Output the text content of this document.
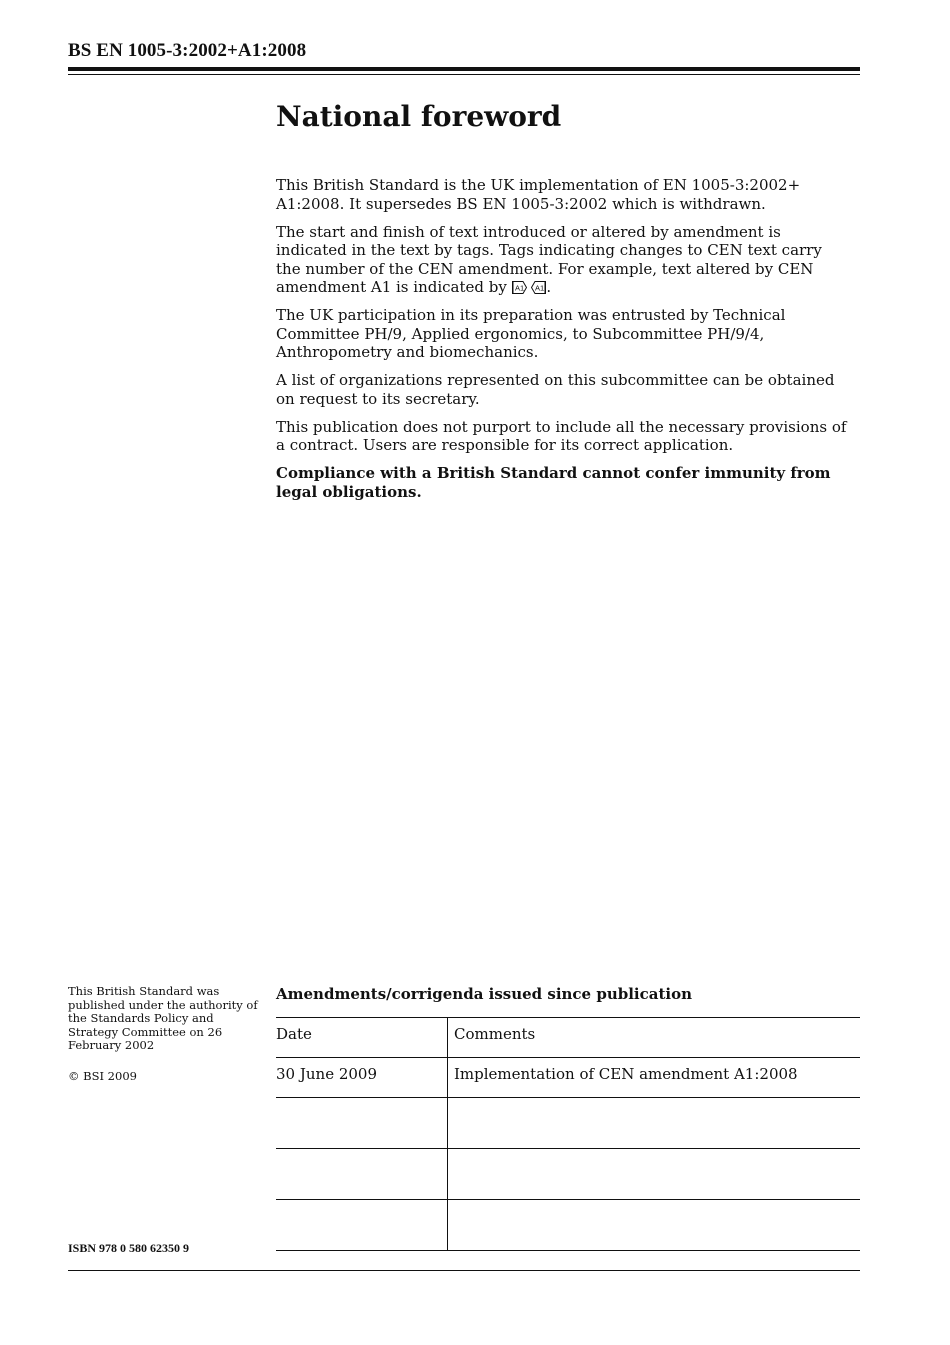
BS EN 1005-3:2002+A1:2008
National foreword

This British Standard is the UK implementation of EN 1005-3:2002+ A1:2008. It supersedes BS EN 1005-3:2002 which is withdrawn.

The start and finish of text introduced or altered by amendment is indicated in the text by tags. Tags indicating changes to CEN text carry the number of the CEN amendment. For example, text altered by CEN amendment A1 is indicated by A1
A1 .

The UK participation in its preparation was entrusted by Technical Committee PH/9, Applied ergonomics, to Subcommittee PH/9/4, Anthropometry and biomechanics.

A list of organizations represented on this subcommittee can be obtained on request to its secretary.

This publication does not purport to include all the necessary provisions of a contract. Users are responsible for its correct application.

Compliance with a British Standard cannot confer immunity from legal obligations.

This British Standard was published under the authority of the Standards Policy and Strategy Committee on 26 February 2002

© BSI 2009

ISBN 978 0 580 62350 9
Amendments/corrigenda issued since publication
Date	Comments

30 June 2009	Implementation of CEN amendment A1:2008
